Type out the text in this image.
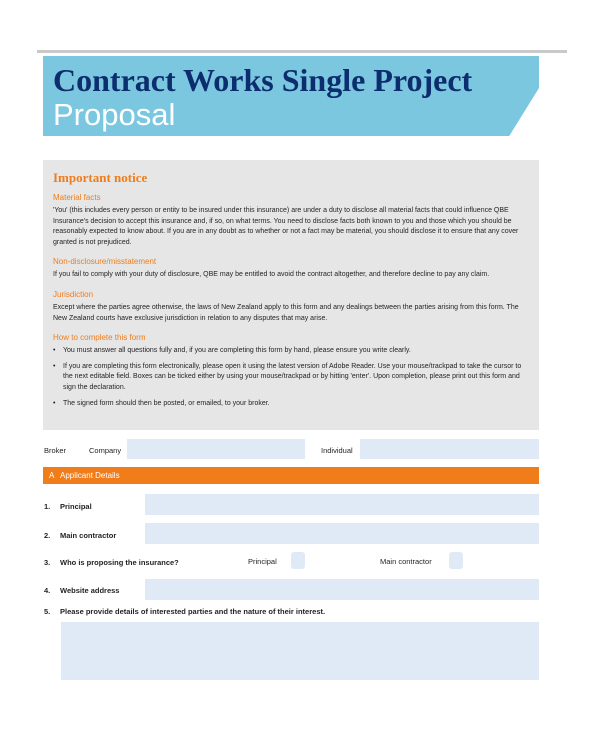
Contract Works Single Project
Proposal
Important notice
Material facts
'You' (this includes every person or entity to be insured under this insurance) are under a duty to disclose all material facts that could influence QBE Insurance's decision to accept this insurance and, if so, on what terms. You need to disclose facts both known to you and those which you should be reasonably expected to know about. If you are in any doubt as to whether or not a fact may be material, you should disclose it to ensure that any cover granted is not prejudiced.
Non-disclosure/misstatement
If you fail to comply with your duty of disclosure, QBE may be entitled to avoid the contract altogether, and therefore decline to pay any claim.
Jurisdiction
Except where the parties agree otherwise, the laws of New Zealand apply to this form and any dealings between the parties arising from this form. The New Zealand courts have exclusive jurisdiction in relation to any disputes that may arise.
How to complete this form
• You must answer all questions fully and, if you are completing this form by hand, please ensure you write clearly.
• If you are completing this form electronically, please open it using the latest version of Adobe Reader. Use your mouse/trackpad to take the cursor to the next editable field. Boxes can be ticked either by using your mouse/trackpad or by hitting 'enter'. Upon completion, please print out this form and sign the declaration.
• The signed form should then be posted, or emailed, to your broker.
Broker	Company	Individual
A Applicant Details
1. Principal
2. Main contractor
3. Who is proposing the insurance?	Principal	Main contractor
4. Website address
5. Please provide details of interested parties and the nature of their interest.
